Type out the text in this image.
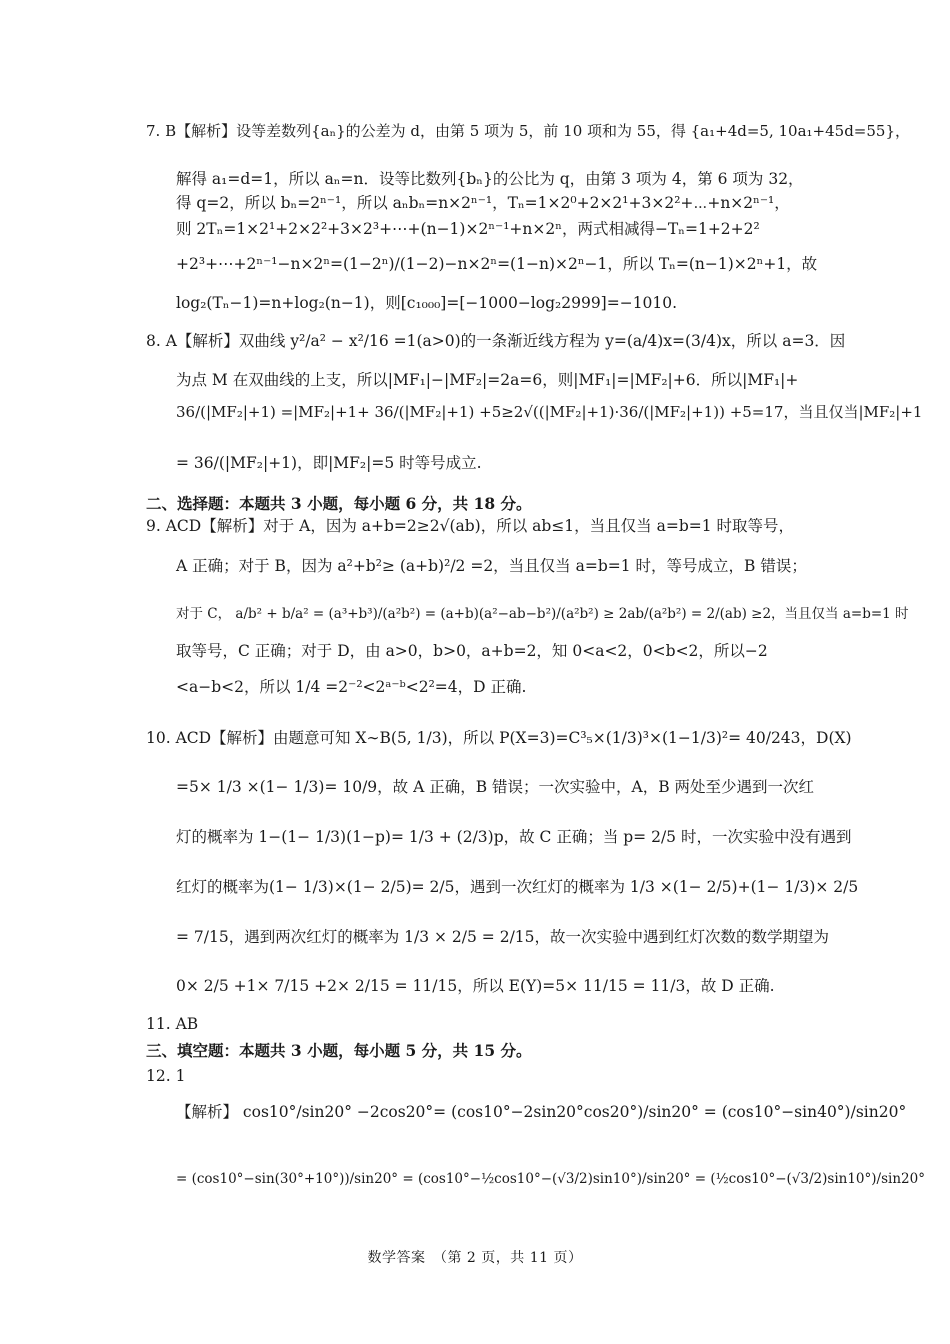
7. B【解析】设等差数列{aₙ}的公差为 d，由第 5 项为 5，前 10 项和为 55，得 {a₁+4d=5, 10a₁+45d=55}，
解得 a₁=d=1，所以 aₙ=n．设等比数列{bₙ}的公比为 q，由第 3 项为 4，第 6 项为 32，
得 q=2，所以 bₙ=2ⁿ⁻¹，所以 aₙbₙ=n×2ⁿ⁻¹，Tₙ=1×2⁰+2×2¹+3×2²+⋯+n×2ⁿ⁻¹，
则 2Tₙ=1×2¹+2×2²+3×2³+⋯+(n−1)×2ⁿ⁻¹+n×2ⁿ，两式相减得−Tₙ=1+2+2²
+2³+⋯+2ⁿ⁻¹−n×2ⁿ=(1−2ⁿ)/(1−2)−n×2ⁿ=(1−n)×2ⁿ−1，所以 Tₙ=(n−1)×2ⁿ+1，故
log₂(Tₙ−1)=n+log₂(n−1)，则[c₁₀₀₀]=[−1000−log₂2999]=−1010.
8. A【解析】双曲线 y²/a² − x²/16 =1(a>0)的一条渐近线方程为 y=(a/4)x=(3/4)x，所以 a=3．因
为点 M 在双曲线的上支，所以|MF₁|−|MF₂|=2a=6，则|MF₁|=|MF₂|+6．所以|MF₁|+
36/(|MF₂|+1) =|MF₂|+1+ 36/(|MF₂|+1) +5≥2√((|MF₂|+1)·36/(|MF₂|+1)) +5=17，当且仅当|MF₂|+1
= 36/(|MF₂|+1)，即|MF₂|=5 时等号成立.
二、选择题：本题共 3 小题，每小题 6 分，共 18 分。
9. ACD【解析】对于 A，因为 a+b=2≥2√(ab)，所以 ab≤1，当且仅当 a=b=1 时取等号，
A 正确；对于 B，因为 a²+b²≥ (a+b)²/2 =2，当且仅当 a=b=1 时，等号成立，B 错误；
对于 C， a/b² + b/a² = (a³+b³)/(a²b²) = (a+b)(a²−ab−b²)/(a²b²) ≥ 2ab/(a²b²) = 2/(ab) ≥2，当且仅当 a=b=1 时
取等号，C 正确；对于 D，由 a>0，b>0，a+b=2，知 0<a<2，0<b<2，所以−2
<a−b<2，所以 1/4 =2⁻²<2ᵃ⁻ᵇ<2²=4，D 正确.
10. ACD【解析】由题意可知 X∼B(5, 1/3)，所以 P(X=3)=C³₅×(1/3)³×(1−1/3)²= 40/243，D(X)
=5× 1/3 ×(1− 1/3)= 10/9，故 A 正确，B 错误；一次实验中，A，B 两处至少遇到一次红
灯的概率为 1−(1− 1/3)(1−p)= 1/3 + (2/3)p，故 C 正确；当 p= 2/5 时，一次实验中没有遇到
红灯的概率为(1− 1/3)×(1− 2/5)= 2/5，遇到一次红灯的概率为 1/3 ×(1− 2/5)+(1− 1/3)× 2/5
= 7/15，遇到两次红灯的概率为 1/3 × 2/5 = 2/15，故一次实验中遇到红灯次数的数学期望为
0× 2/5 +1× 7/15 +2× 2/15 = 11/15，所以 E(Y)=5× 11/15 = 11/3，故 D 正确.
11. AB
三、填空题：本题共 3 小题，每小题 5 分，共 15 分。
12. 1
【解析】 cos10°/sin20° −2cos20°= (cos10°−2sin20°cos20°)/sin20° = (cos10°−sin40°)/sin20°
= (cos10°−sin(30°+10°))/sin20° = (cos10°−½cos10°−(√3/2)sin10°)/sin20° = (½cos10°−(√3/2)sin10°)/sin20°
数学答案　（第 2 页，共 11 页）
